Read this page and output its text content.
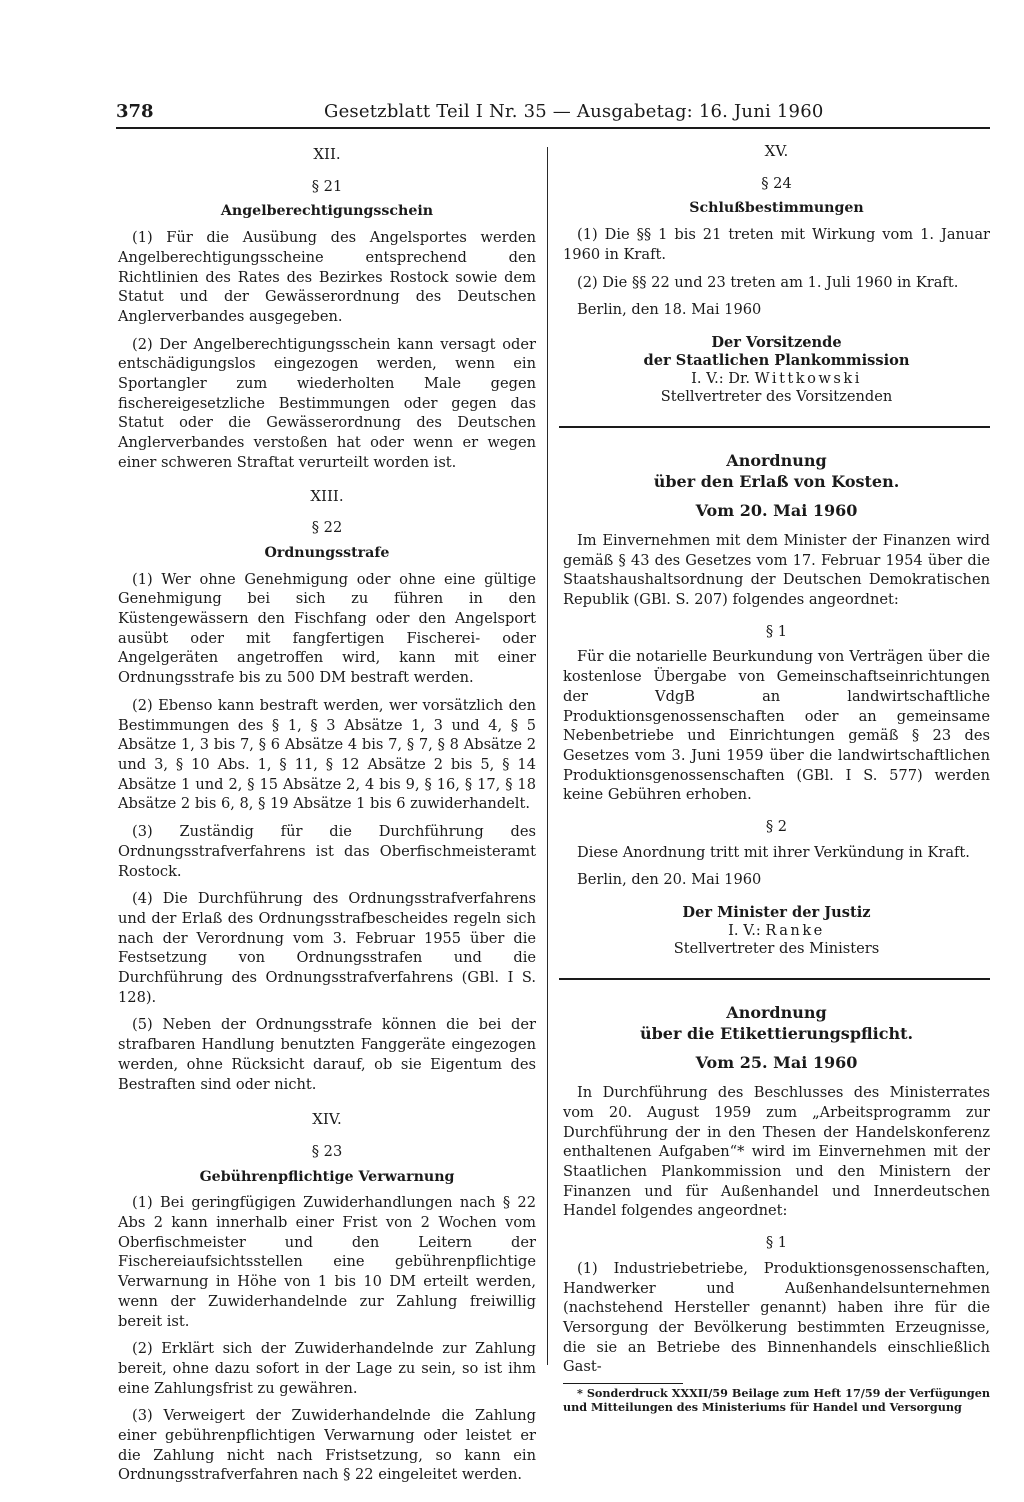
378	Gesetzblatt Teil I Nr. 35 — Ausgabetag: 16. Juni 1960
XII.
§ 21
Angelberechtigungsschein

(1) Für die Ausübung des Angelsportes werden Angelberechtigungsscheine entsprechend den Richtlinien des Rates des Bezirkes Rostock sowie dem Statut und der Gewässerordnung des Deutschen Anglerverbandes ausgegeben.

(2) Der Angelberechtigungsschein kann versagt oder entschädigungslos eingezogen werden, wenn ein Sportangler zum wiederholten Male gegen fischereigesetzliche Bestimmungen oder gegen das Statut oder die Gewässerordnung des Deutschen Anglerverbandes verstoßen hat oder wenn er wegen einer schweren Straftat verurteilt worden ist.

XIII.
§ 22
Ordnungsstrafe

(1) Wer ohne Genehmigung oder ohne eine gültige Genehmigung bei sich zu führen in den Küstengewässern den Fischfang oder den Angelsport ausübt oder mit fangfertigen Fischerei- oder Angelgeräten angetroffen wird, kann mit einer Ordnungsstrafe bis zu 500 DM bestraft werden.

(2) Ebenso kann bestraft werden, wer vorsätzlich den Bestimmungen des § 1, § 3 Absätze 1, 3 und 4, § 5 Absätze 1, 3 bis 7, § 6 Absätze 4 bis 7, § 7, § 8 Absätze 2 und 3, § 10 Abs. 1, § 11, § 12 Absätze 2 bis 5, § 14 Absätze 1 und 2, § 15 Absätze 2, 4 bis 9, § 16, § 17, § 18 Absätze 2 bis 6, 8, § 19 Absätze 1 bis 6 zuwiderhandelt.

(3) Zuständig für die Durchführung des Ordnungsstrafverfahrens ist das Oberfischmeisteramt Rostock.

(4) Die Durchführung des Ordnungsstrafverfahrens und der Erlaß des Ordnungsstrafbescheides regeln sich nach der Verordnung vom 3. Februar 1955 über die Festsetzung von Ordnungsstrafen und die Durchführung des Ordnungsstrafverfahrens (GBl. I S. 128).

(5) Neben der Ordnungsstrafe können die bei der strafbaren Handlung benutzten Fanggeräte eingezogen werden, ohne Rücksicht darauf, ob sie Eigentum des Bestraften sind oder nicht.

XIV.
§ 23
Gebührenpflichtige Verwarnung

(1) Bei geringfügigen Zuwiderhandlungen nach § 22 Abs 2 kann innerhalb einer Frist von 2 Wochen vom Oberfischmeister und den Leitern der Fischereiaufsichtsstellen eine gebührenpflichtige Verwarnung in Höhe von 1 bis 10 DM erteilt werden, wenn der Zuwiderhandelnde zur Zahlung freiwillig bereit ist.

(2) Erklärt sich der Zuwiderhandelnde zur Zahlung bereit, ohne dazu sofort in der Lage zu sein, so ist ihm eine Zahlungsfrist zu gewähren.

(3) Verweigert der Zuwiderhandelnde die Zahlung einer gebührenpflichtigen Verwarnung oder leistet er die Zahlung nicht nach Fristsetzung, so kann ein Ordnungsstrafverfahren nach § 22 eingeleitet werden.

XV.
§ 24
Schlußbestimmungen

(1) Die §§ 1 bis 21 treten mit Wirkung vom 1. Januar 1960 in Kraft.

(2) Die §§ 22 und 23 treten am 1. Juli 1960 in Kraft.

Berlin, den 18. Mai 1960

Der Vorsitzende
der Staatlichen Plankommission
I. V.: Dr. Wittkowski
Stellvertreter des Vorsitzenden
Anordnung
über den Erlaß von Kosten.
Vom 20. Mai 1960

Im Einvernehmen mit dem Minister der Finanzen wird gemäß § 43 des Gesetzes vom 17. Februar 1954 über die Staatshaushaltsordnung der Deutschen Demokratischen Republik (GBl. S. 207) folgendes angeordnet:

§ 1

Für die notarielle Beurkundung von Verträgen über die kostenlose Übergabe von Gemeinschaftseinrichtungen der VdgB an landwirtschaftliche Produktionsgenossenschaften oder an gemeinsame Nebenbetriebe und Einrichtungen gemäß § 23 des Gesetzes vom 3. Juni 1959 über die landwirtschaftlichen Produktionsgenossenschaften (GBl. I S. 577) werden keine Gebühren erhoben.

§ 2

Diese Anordnung tritt mit ihrer Verkündung in Kraft.

Berlin, den 20. Mai 1960

Der Minister der Justiz
I. V.: Ranke
Stellvertreter des Ministers
Anordnung
über die Etikettierungspflicht.
Vom 25. Mai 1960

In Durchführung des Beschlusses des Ministerrates vom 20. August 1959 zum „Arbeitsprogramm zur Durchführung der in den Thesen der Handelskonferenz enthaltenen Aufgaben“* wird im Einvernehmen mit der Staatlichen Plankommission und den Ministern der Finanzen und für Außenhandel und Innerdeutschen Handel folgendes angeordnet:

§ 1

(1) Industriebetriebe, Produktionsgenossenschaften, Handwerker und Außenhandelsunternehmen (nachstehend Hersteller genannt) haben ihre für die Versorgung der Bevölkerung bestimmten Erzeugnisse, die sie an Betriebe des Binnenhandels einschließlich Gast-

* Sonderdruck XXXII/59 Beilage zum Heft 17/59 der Verfügungen und Mitteilungen des Ministeriums für Handel und Versorgung
